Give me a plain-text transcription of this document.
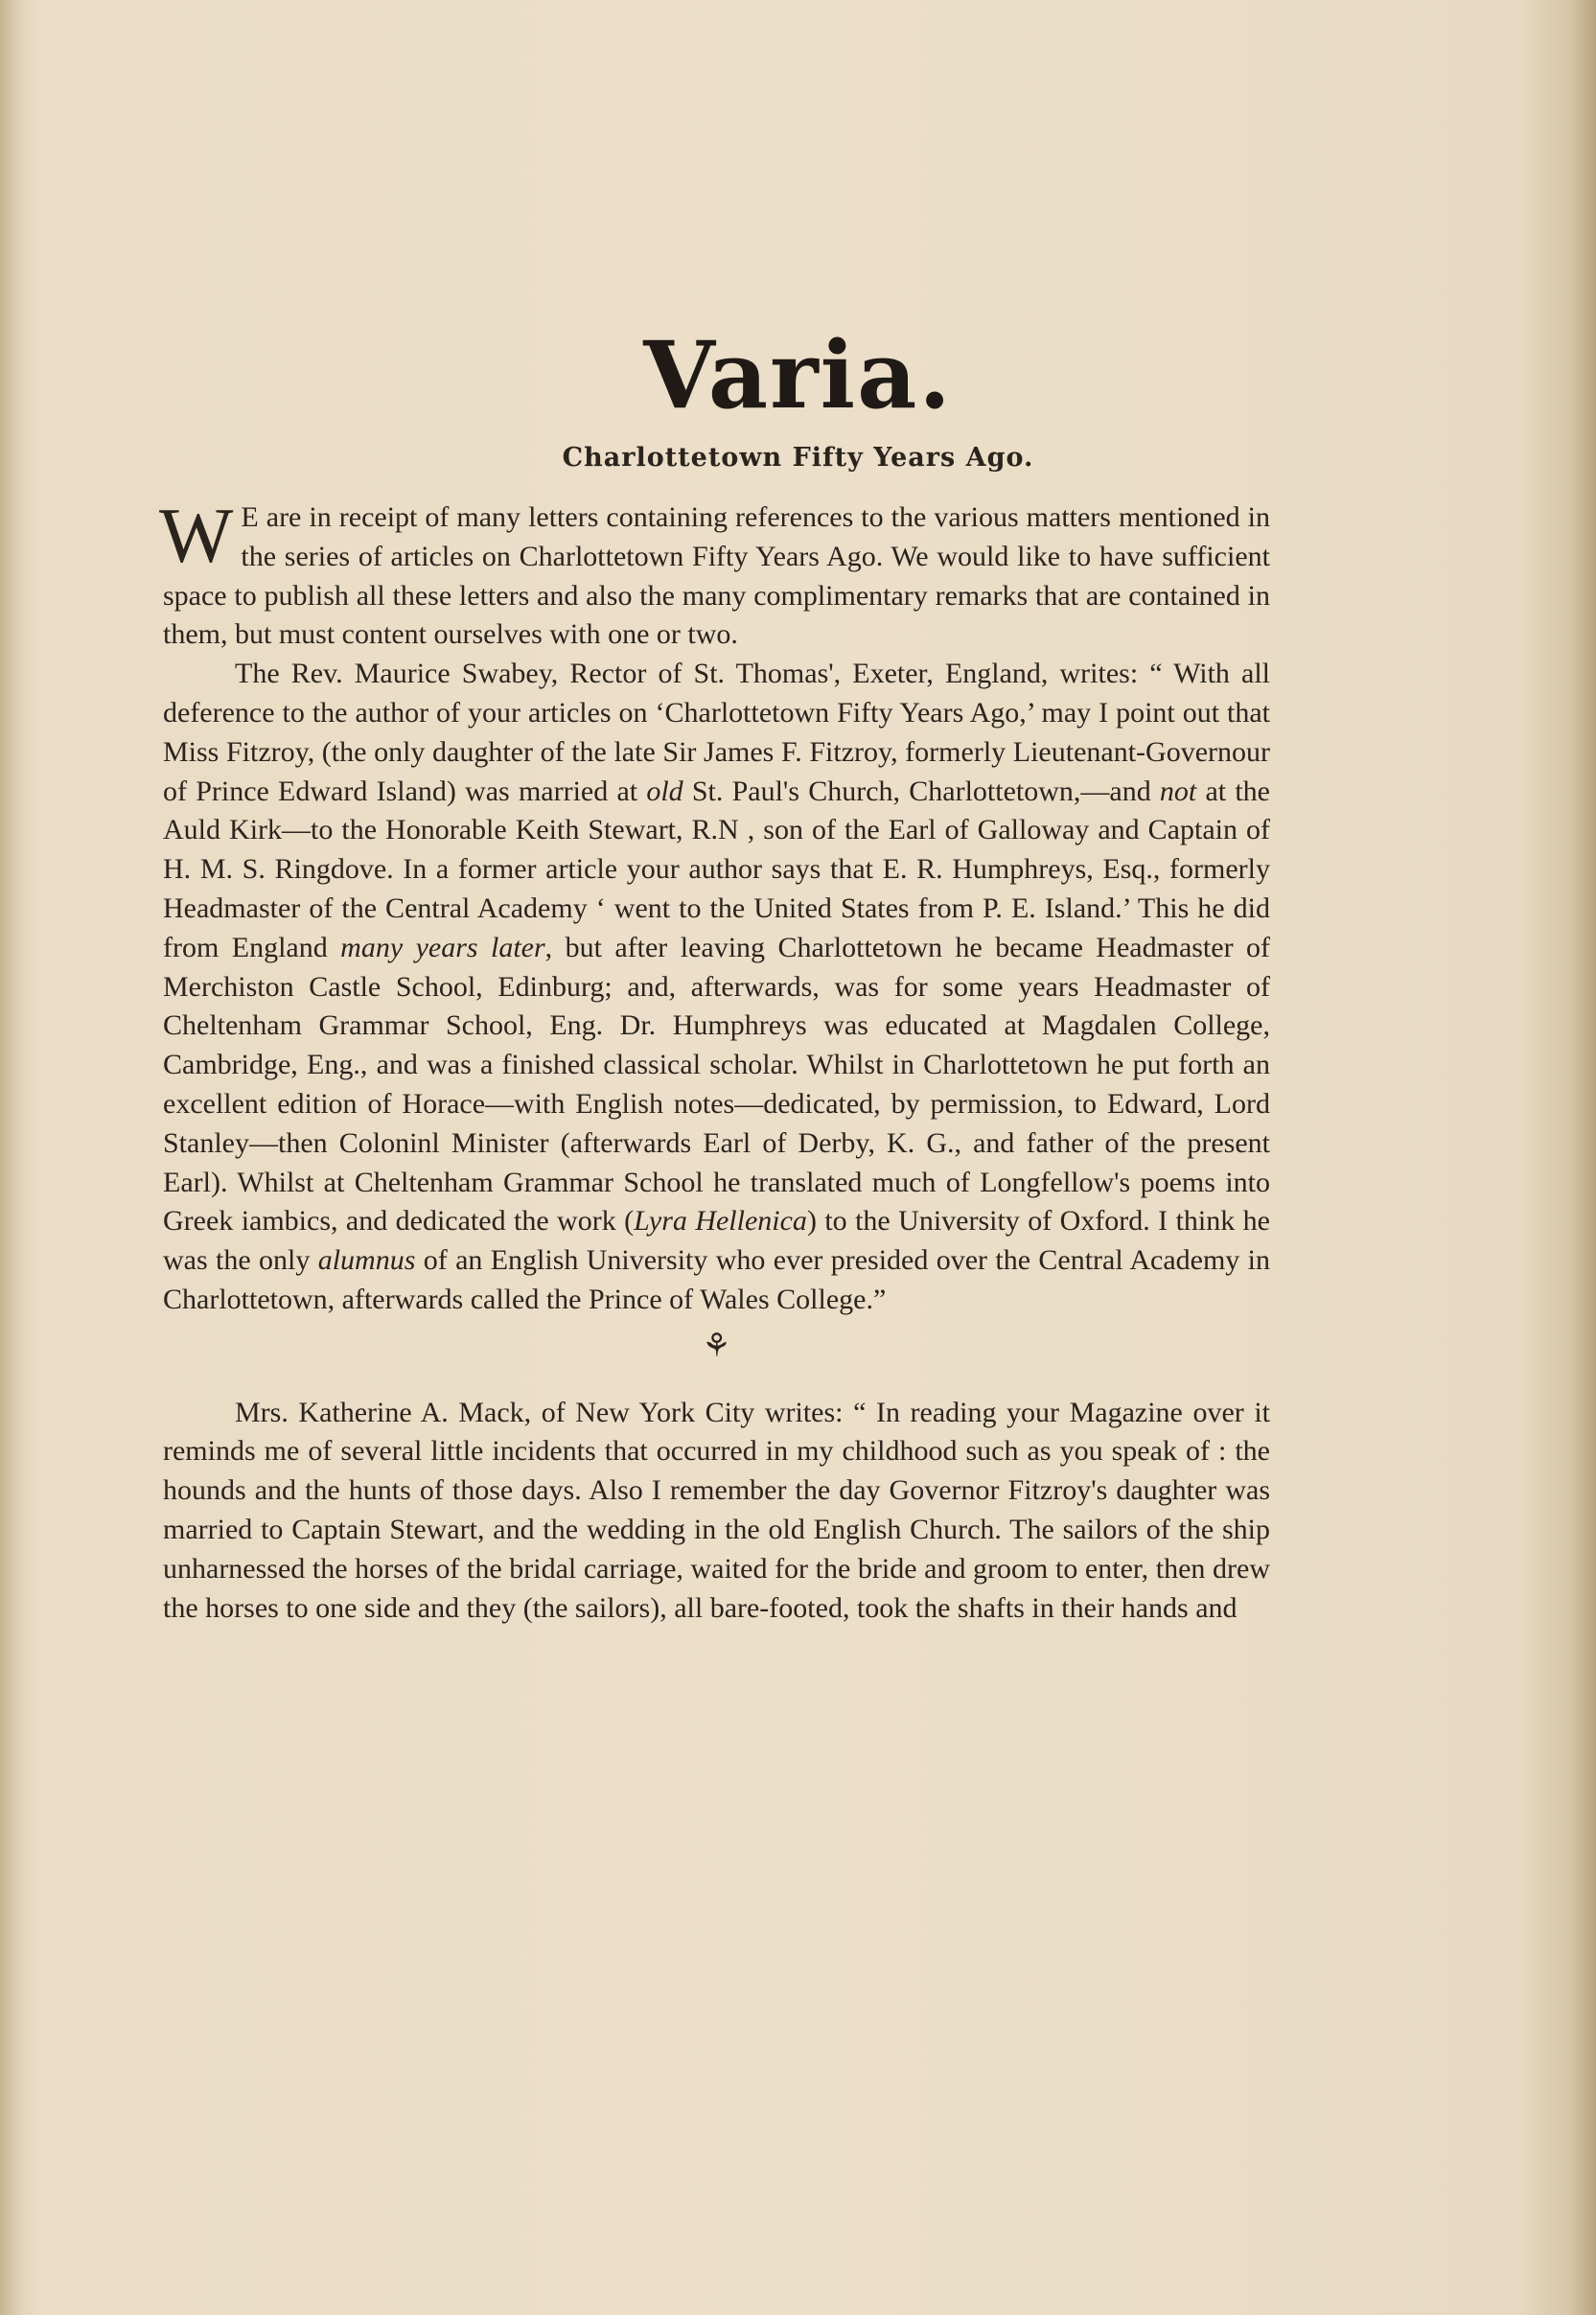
Varia.
Charlottetown Fifty Years Ago.

W E are in receipt of many letters containing references to the various matters mentioned in the series of articles on Charlottetown Fifty Years Ago. We would like to have sufficient space to publish all these letters and also the many complimentary remarks that are contained in them, but must content ourselves with one or two.

The Rev. Maurice Swabey, Rector of St. Thomas', Exeter, England, writes: “ With all deference to the author of your articles on ‘Charlottetown Fifty Years Ago,’ may I point out that Miss Fitzroy, (the only daughter of the late Sir James F. Fitzroy, formerly Lieutenant-Governour of Prince Edward Island) was married at old St. Paul's Church, Charlottetown,—and not at the Auld Kirk—to the Honorable Keith Stewart, R.N , son of the Earl of Galloway and Captain of H. M. S. Ringdove. In a former article your author says that E. R. Humphreys, Esq., formerly Headmaster of the Central Academy ‘ went to the United States from P. E. Island.’ This he did from England many years later, but after leaving Charlottetown he became Headmaster of Merchiston Castle School, Edinburg; and, afterwards, was for some years Headmaster of Cheltenham Grammar School, Eng. Dr. Humphreys was educated at Magdalen College, Cambridge, Eng., and was a finished classical scholar. Whilst in Charlottetown he put forth an excellent edition of Horace—with English notes—dedicated, by permission, to Edward, Lord Stanley—then Coloninl Minister (afterwards Earl of Derby, K. G., and father of the present Earl). Whilst at Cheltenham Grammar School he translated much of Longfellow's poems into Greek iambics, and dedicated the work (Lyra Hellenica) to the University of Oxford. I think he was the only alumnus of an English University who ever presided over the Central Academy in Charlottetown, afterwards called the Prince of Wales College.”

⚘

Mrs. Katherine A. Mack, of New York City writes: “ In reading your Magazine over it reminds me of several little incidents that occurred in my childhood such as you speak of : the hounds and the hunts of those days. Also I remember the day Governor Fitzroy's daughter was married to Captain Stewart, and the wedding in the old English Church. The sailors of the ship unharnessed the horses of the bridal carriage, waited for the bride and groom to enter, then drew the horses to one side and they (the sailors), all bare-footed, took the shafts in their hands and
